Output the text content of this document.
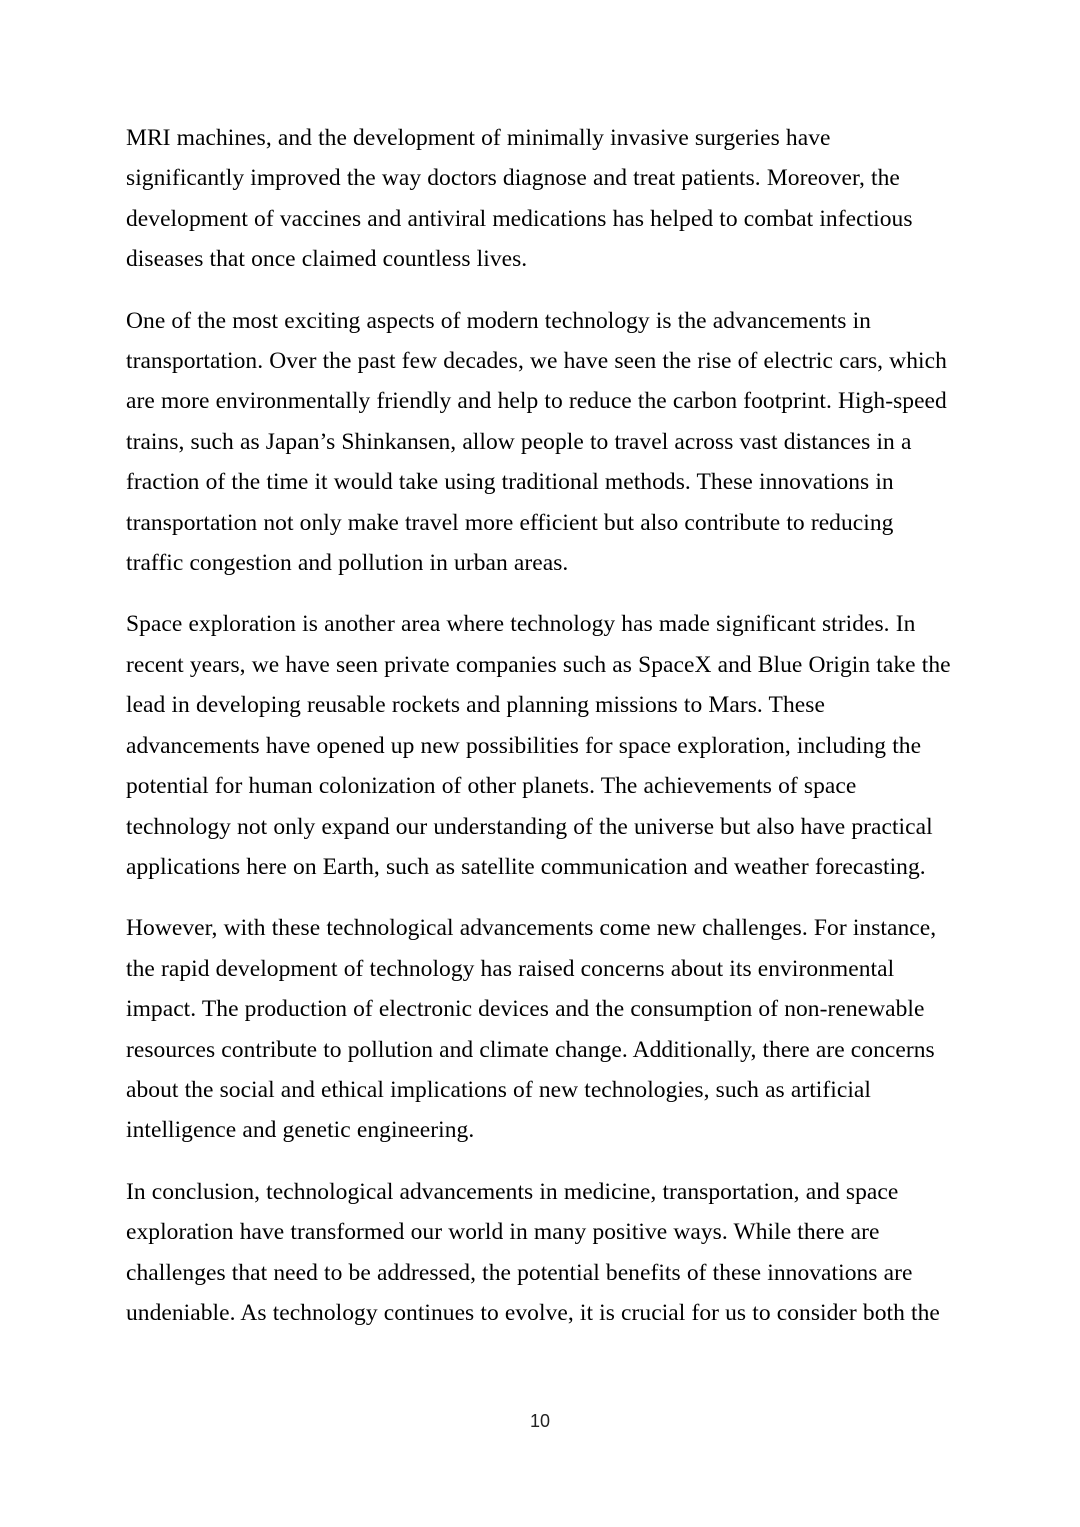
MRI machines, and the development of minimally invasive surgeries have significantly improved the way doctors diagnose and treat patients. Moreover, the development of vaccines and antiviral medications has helped to combat infectious diseases that once claimed countless lives.

One of the most exciting aspects of modern technology is the advancements in transportation. Over the past few decades, we have seen the rise of electric cars, which are more environmentally friendly and help to reduce the carbon footprint. High-speed trains, such as Japan’s Shinkansen, allow people to travel across vast distances in a fraction of the time it would take using traditional methods. These innovations in transportation not only make travel more efficient but also contribute to reducing traffic congestion and pollution in urban areas.

Space exploration is another area where technology has made significant strides. In recent years, we have seen private companies such as SpaceX and Blue Origin take the lead in developing reusable rockets and planning missions to Mars. These advancements have opened up new possibilities for space exploration, including the potential for human colonization of other planets. The achievements of space technology not only expand our understanding of the universe but also have practical applications here on Earth, such as satellite communication and weather forecasting.

However, with these technological advancements come new challenges. For instance, the rapid development of technology has raised concerns about its environmental impact. The production of electronic devices and the consumption of non-renewable resources contribute to pollution and climate change. Additionally, there are concerns about the social and ethical implications of new technologies, such as artificial intelligence and genetic engineering.

In conclusion, technological advancements in medicine, transportation, and space exploration have transformed our world in many positive ways. While there are challenges that need to be addressed, the potential benefits of these innovations are undeniable. As technology continues to evolve, it is crucial for us to consider both the

10
